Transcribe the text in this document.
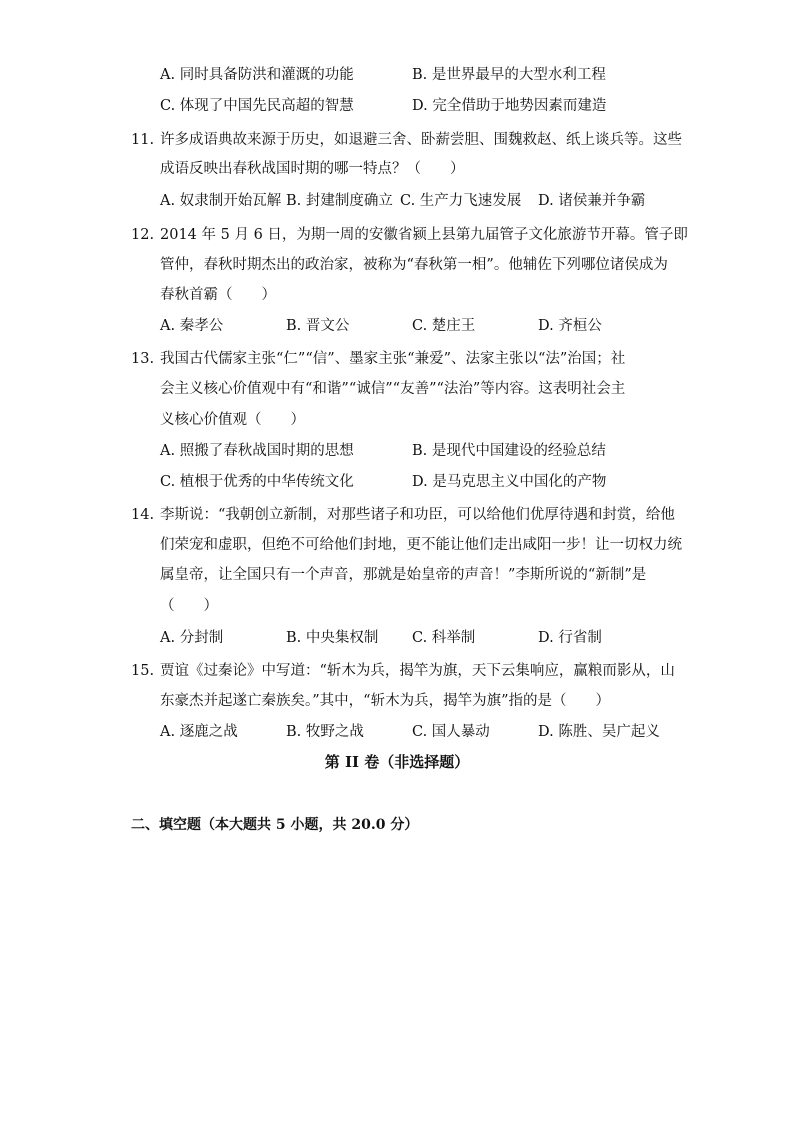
A. 同时具备防洪和灌溉的功能	B. 是世界最早的大型水利工程
C. 体现了中国先民高超的智慧	D. 完全借助于地势因素而建造
11. 许多成语典故来源于历史，如退避三舍、卧薪尝胆、围魏救赵、纸上谈兵等。这些
成语反映出春秋战国时期的哪一特点？（　　）
A. 奴隶制开始瓦解 B. 封建制度确立 C. 生产力飞速发展 D. 诸侯兼并争霸
12. 2014 年 5 月 6 日，为期一周的安徽省颍上县第九届管子文化旅游节开幕。管子即
管仲，春秋时期杰出的政治家，被称为“春秋第一相”。他辅佐下列哪位诸侯成为
春秋首霸（　　）
A. 秦孝公	B. 晋文公	C. 楚庄王	D. 齐桓公
13. 我国古代儒家主张“仁”“信”、墨家主张“兼爱”、法家主张以“法”治国；社
会主义核心价值观中有“和谐”“诚信”“友善”“法治”等内容。这表明社会主
义核心价值观（　　）
A. 照搬了春秋战国时期的思想	B. 是现代中国建设的经验总结
C. 植根于优秀的中华传统文化	D. 是马克思主义中国化的产物
14. 李斯说：“我朝创立新制，对那些诸子和功臣，可以给他们优厚待遇和封赏，给他
们荣宠和虚职，但绝不可给他们封地，更不能让他们走出咸阳一步！让一切权力统
属皇帝，让全国只有一个声音，那就是始皇帝的声音！”李斯所说的“新制”是
（　　）
A. 分封制	B. 中央集权制 C. 科举制	D. 行省制
15. 贾谊《过秦论》中写道：“斩木为兵，揭竿为旗，天下云集响应，赢粮而影从，山
东豪杰并起遂亡秦族矣。”其中，“斩木为兵，揭竿为旗”指的是（　　）
A. 逐鹿之战	B. 牧野之战	C. 国人暴动	D. 陈胜、吴广起义
第 II 卷（非选择题）
二、填空题（本大题共 5 小题，共 20.0 分）
